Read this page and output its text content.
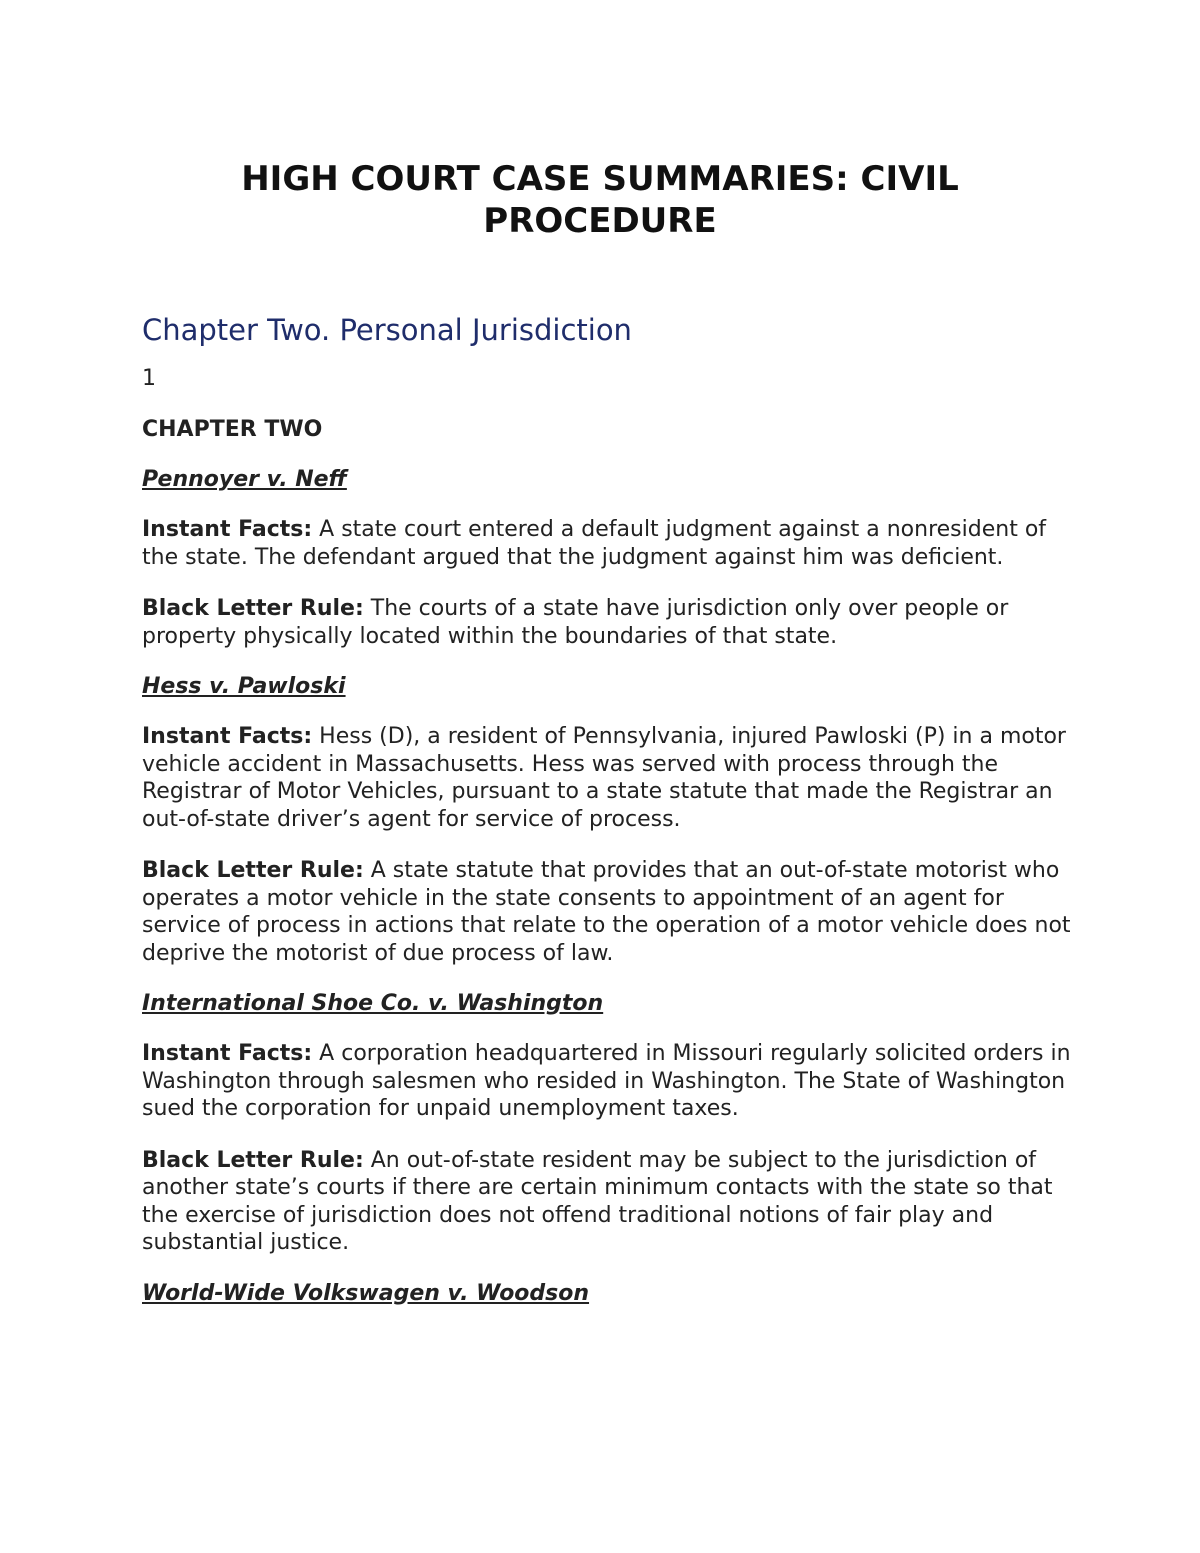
HIGH COURT CASE SUMMARIES: CIVIL PROCEDURE
Chapter Two. Personal Jurisdiction
1
CHAPTER TWO
Pennoyer v. Neff

Instant Facts: A state court entered a default judgment against a nonresident of the state. The defendant argued that the judgment against him was deficient.

Black Letter Rule: The courts of a state have jurisdiction only over people or property physically located within the boundaries of that state.

Hess v. Pawloski

Instant Facts: Hess (D), a resident of Pennsylvania, injured Pawloski (P) in a motor vehicle accident in Massachusetts. Hess was served with process through the Registrar of Motor Vehicles, pursuant to a state statute that made the Registrar an out-of-state driver’s agent for service of process.

Black Letter Rule: A state statute that provides that an out-of-state motorist who operates a motor vehicle in the state consents to appointment of an agent for service of process in actions that relate to the operation of a motor vehicle does not deprive the motorist of due process of law.

International Shoe Co. v. Washington

Instant Facts: A corporation headquartered in Missouri regularly solicited orders in Washington through salesmen who resided in Washington. The State of Washington sued the corporation for unpaid unemployment taxes.

Black Letter Rule: An out-of-state resident may be subject to the jurisdiction of another state’s courts if there are certain minimum contacts with the state so that the exercise of jurisdiction does not offend traditional notions of fair play and substantial justice.

World-Wide Volkswagen v. Woodson
